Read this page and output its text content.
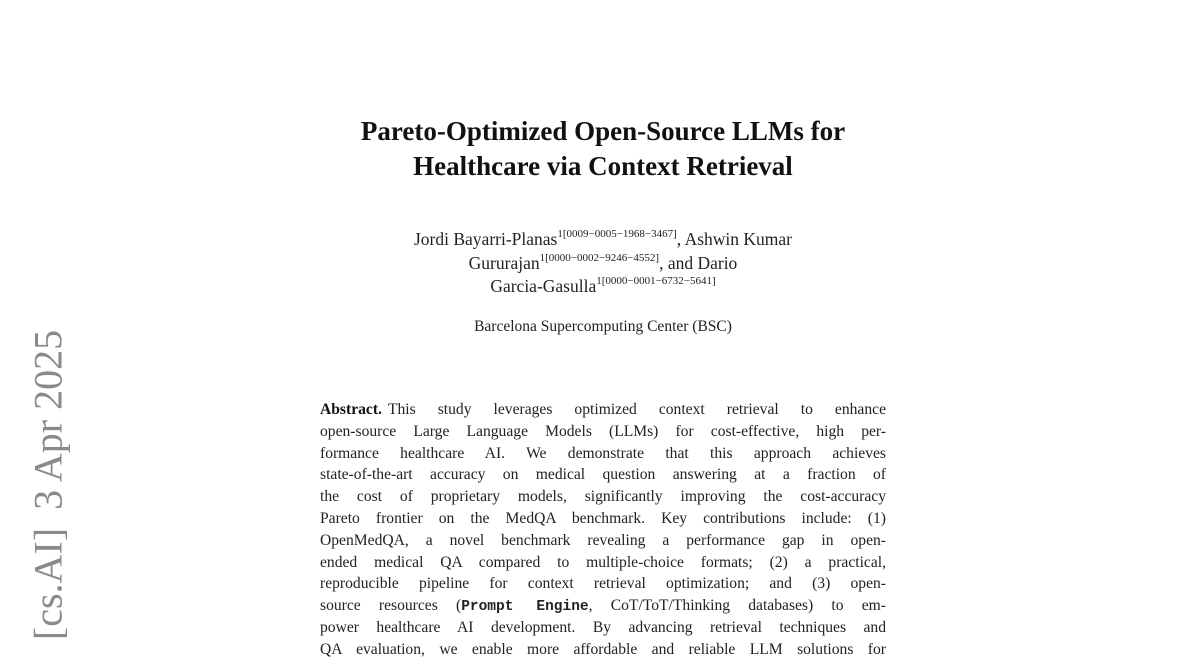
[cs.AI]3 Apr 2025
Pareto-Optimized Open-Source LLMs for
Healthcare via Context Retrieval
Jordi Bayarri-Planas$^{1[0009-0005-1968-3467]}$, Ashwin Kumar
Gururajan$^{1[0000-0002-9246-4552]}$, and Dario
Garcia-Gasulla$^{1[0000-0001-6732-5641]}$
Barcelona Supercomputing Center (BSC)
Abstract. This study leverages optimized context retrieval to enhance
open-source Large Language Models (LLMs) for cost-effective, high per-
formance healthcare AI. We demonstrate that this approach achieves
state-of-the-art accuracy on medical question answering at a fraction of
the cost of proprietary models, significantly improving the cost-accuracy
Pareto frontier on the MedQA benchmark. Key contributions include: (1)
OpenMedQA, a novel benchmark revealing a performance gap in open-
ended medical QA compared to multiple-choice formats; (2) a practical,
reproducible pipeline for context retrieval optimization; and (3) open-
source resources (Prompt Engine, CoT/ToT/Thinking databases) to em-
power healthcare AI development. By advancing retrieval techniques and
QA evaluation, we enable more affordable and reliable LLM solutions for
